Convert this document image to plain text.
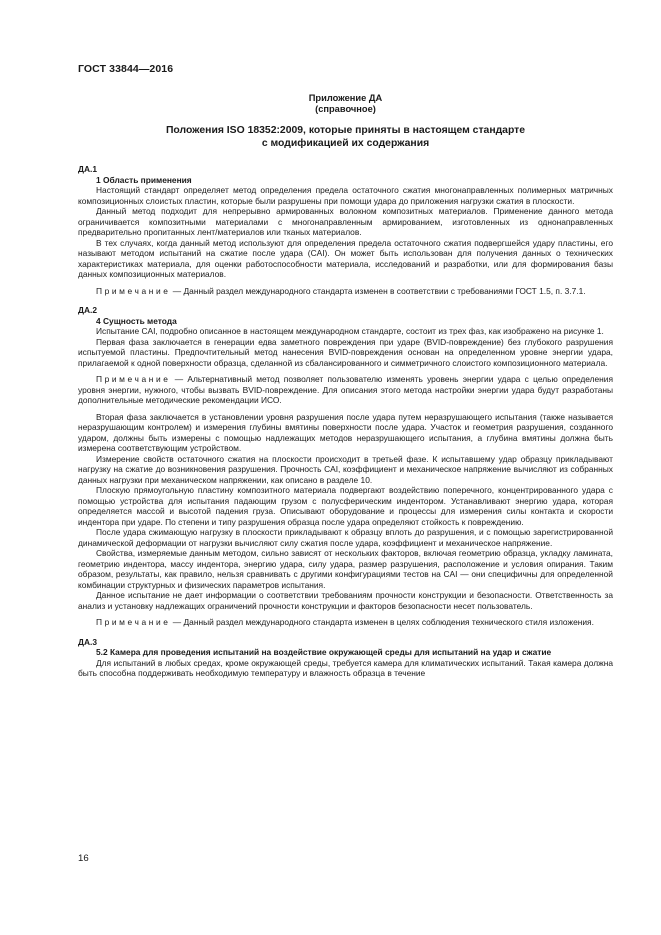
ГОСТ 33844—2016
Приложение ДА
(справочное)
Положения ISO 18352:2009, которые приняты в настоящем стандарте
с модификацией их содержания

ДА.1

1 Область применения

Настоящий стандарт определяет метод определения предела остаточного сжатия многонаправленных полимерных матричных композиционных слоистых пластин, которые были разрушены при помощи удара до приложения нагрузки сжатия в плоскости.

Данный метод подходит для непрерывно армированных волокном композитных материалов. Применение данного метода ограничивается композитными материалами с многонаправленным армированием, изготовленных из однонаправленных предварительно пропитанных лент/материалов или тканых материалов.

В тех случаях, когда данный метод используют для определения предела остаточного сжатия подвергшейся удару пластины, его называют методом испытаний на сжатие после удара (CAI). Он может быть использован для получения данных о технических характеристиках материала, для оценки работоспособности материала, исследований и разработки, или для формирования базы данных композиционных материалов.

Примечание — Данный раздел международного стандарта изменен в соответствии с требованиями ГОСТ 1.5, п. 3.7.1.

ДА.2

4 Сущность метода

Испытание CAI, подробно описанное в настоящем международном стандарте, состоит из трех фаз, как изображено на рисунке 1.

Первая фаза заключается в генерации едва заметного повреждения при ударе (BVID-повреждение) без глубокого разрушения испытуемой пластины. Предпочтительный метод нанесения BVID-повреждения основан на определенном уровне энергии удара, прилагаемой к одной поверхности образца, сделанной из сбалансированного и симметричного слоистого композиционного материала.

Примечание — Альтернативный метод позволяет пользователю изменять уровень энергии удара с целью определения уровня энергии, нужного, чтобы вызвать BVID-повреждение. Для описания этого метода настройки энергии удара будут разработаны дополнительные методические рекомендации ИСО.

Вторая фаза заключается в установлении уровня разрушения после удара путем неразрушающего испытания (также называется неразрушающим контролем) и измерения глубины вмятины поверхности после удара. Участок и геометрия разрушения, созданного ударом, должны быть измерены с помощью надлежащих методов неразрушающего испытания, а глубина вмятины должна быть измерена соответствующим устройством.

Измерение свойств остаточного сжатия на плоскости происходит в третьей фазе. К испытавшему удар образцу прикладывают нагрузку на сжатие до возникновения разрушения. Прочность CAI, коэффициент и механическое напряжение вычисляют из собранных данных нагрузки при механическом напряжении, как описано в разделе 10.

Плоскую прямоугольную пластину композитного материала подвергают воздействию поперечного, концентрированного удара с помощью устройства для испытания падающим грузом с полусферическим индентором. Устанавливают энергию удара, которая определяется массой и высотой падения груза. Описывают оборудование и процессы для измерения силы контакта и скорости индентора при ударе. По степени и типу разрушения образца после удара определяют стойкость к повреждению.

После удара сжимающую нагрузку в плоскости прикладывают к образцу вплоть до разрушения, и с помощью зарегистрированной динамической деформации от нагрузки вычисляют силу сжатия после удара, коэффициент и механическое напряжение.

Свойства, измеряемые данным методом, сильно зависят от нескольких факторов, включая геометрию образца, укладку ламината, геометрию индентора, массу индентора, энергию удара, силу удара, размер разрушения, расположение и условия опирания. Таким образом, результаты, как правило, нельзя сравнивать с другими конфигурациями тестов на CAI — они специфичны для определенной комбинации структурных и физических параметров испытания.

Данное испытание не дает информации о соответствии требованиям прочности конструкции и безопасности. Ответственность за анализ и установку надлежащих ограничений прочности конструкции и факторов безопасности несет пользователь.

Примечание — Данный раздел международного стандарта изменен в целях соблюдения технического стиля изложения.

ДА.3

5.2 Камера для проведения испытаний на воздействие окружающей среды для испытаний на удар и сжатие

Для испытаний в любых средах, кроме окружающей среды, требуется камера для климатических испытаний. Такая камера должна быть способна поддерживать необходимую температуру и влажность образца в течение

16
